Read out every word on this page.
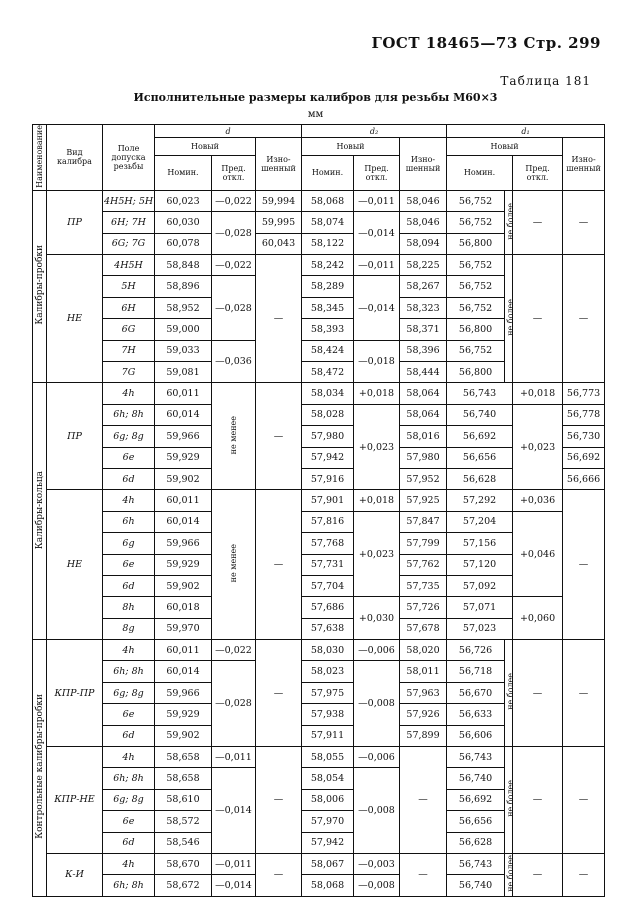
ГОСТ 18465—73 Стр. 299
Таблица 181
Исполнительные размеры калибров для резьбы М60×3
мм
Наименование	Вид калибра	Поле допуска резьбы	d			d₂			d₁			
			Новый		Изно- шенный	Новый		Изно- шенный	Новый			Изно- шенный
			Номин.	Пред. откл.		Номин.	Пред. откл.		Номин.		Пред. откл.	
Калибры-пробки	ПР	4H5H; 5H	60,023	—0,022	59,994	58,068	—0,011	58,046	56,752	не более	—	—
		6H; 7H	60,030	—0,028	59,995	58,074	—0,014	58,046	56,752			
		6G; 7G	60,078		60,043	58,122		58,094	56,800			
	НЕ	4H5H	58,848	—0,022	—	58,242	—0,011	58,225	56,752	не более	—	—
		5H	58,896	—0,028		58,289	—0,014	58,267	56,752			
		6H	58,952			58,345		58,323	56,752			
		6G	59,000			58,393		58,371	56,800			
		7H	59,033	—0,036		58,424	—0,018	58,396	56,752			
		7G	59,081			58,472		58,444	56,800			
Калибры-кольца	ПР	4h	60,011	не менее	—	58,034	+0,018	58,064	56,743		+0,018	56,773
		6h; 8h	60,014			58,028	+0,023	58,064	56,740		+0,023	56,778
		6g; 8g	59,966			57,980		58,016	56,692			56,730
		6e	59,929			57,942		57,980	56,656			56,692
		6d	59,902			57,916		57,952	56,628			56,666
	НЕ	4h	60,011	не менее	—	57,901	+0,018	57,925	57,292		+0,036	—
		6h	60,014			57,816	+0,023	57,847	57,204		+0,046	
		6g	59,966			57,768		57,799	57,156			
		6e	59,929			57,731		57,762	57,120			
		6d	59,902			57,704		57,735	57,092			
		8h	60,018			57,686	+0,030	57,726	57,071		+0,060	
		8g	59,970			57,638		57,678	57,023			
Контрольные калибры-пробки	КПР-ПР	4h	60,011	—0,022	—	58,030	—0,006	58,020	56,726	не более	—	—
		6h; 8h	60,014	—0,028		58,023	—0,008	58,011	56,718			
		6g; 8g	59,966			57,975		57,963	56,670			
		6e	59,929			57,938		57,926	56,633			
		6d	59,902			57,911		57,899	56,606			
	КПР-НЕ	4h	58,658	—0,011	—	58,055	—0,006	—	56,743	не более	—	—
		6h; 8h	58,658	—0,014		58,054	—0,008		56,740			
		6g; 8g	58,610			58,006			56,692			
		6e	58,572			57,970			56,656			
		6d	58,546			57,942			56,628			
	К-И	4h	58,670	—0,011	—	58,067	—0,003	—	56,743	не более	—	—
		6h; 8h	58,672	—0,014		58,068	—0,008		56,740			
